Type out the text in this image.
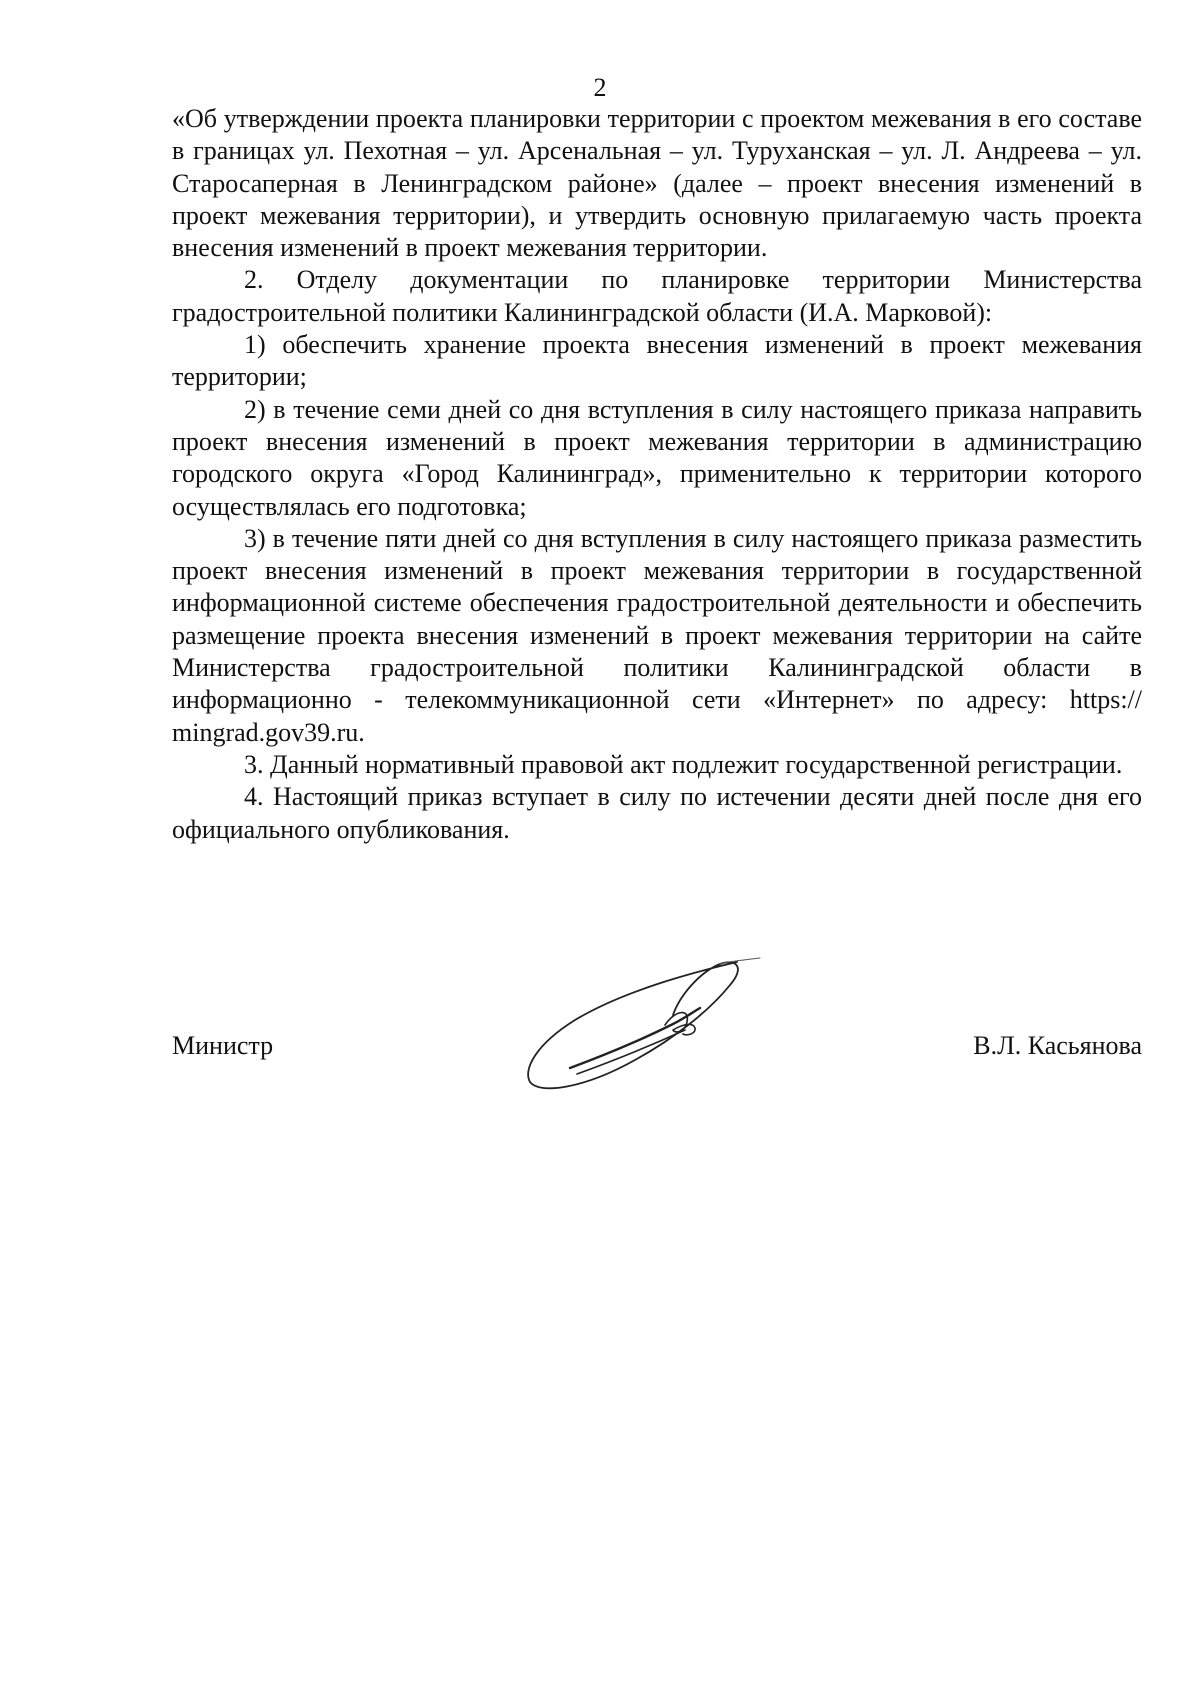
2

«Об утверждении проекта планировки территории с проектом межевания в его составе в границах ул. Пехотная – ул. Арсенальная – ул. Туруханская – ул. Л. Андреева – ул. Старосаперная в Ленинградском районе» (далее – проект внесения изменений в проект межевания территории), и утвердить основную прилагаемую часть проекта внесения изменений в проект межевания территории.

2. Отделу документации по планировке территории Министерства градостроительной политики Калининградской области (И.А. Марковой):

1) обеспечить хранение проекта внесения изменений в проект межевания территории;

2) в течение семи дней со дня вступления в силу настоящего приказа направить проект внесения изменений в проект межевания территории в администрацию городского округа «Город Калининград», применительно к территории которого осуществлялась его подготовка;

3) в течение пяти дней со дня вступления в силу настоящего приказа разместить проект внесения изменений в проект межевания территории в государственной информационной системе обеспечения градостроительной деятельности и обеспечить размещение проекта внесения изменений в проект межевания территории на сайте Министерства градостроительной политики Калининградской области в информационно - телекоммуникационной сети «Интернет» по адресу: https:// mingrad.gov39.ru.

3. Данный нормативный правовой акт подлежит государственной регистрации.

4. Настоящий приказ вступает в силу по истечении десяти дней после дня его официального опубликования.

Министр	В.Л. Касьянова
